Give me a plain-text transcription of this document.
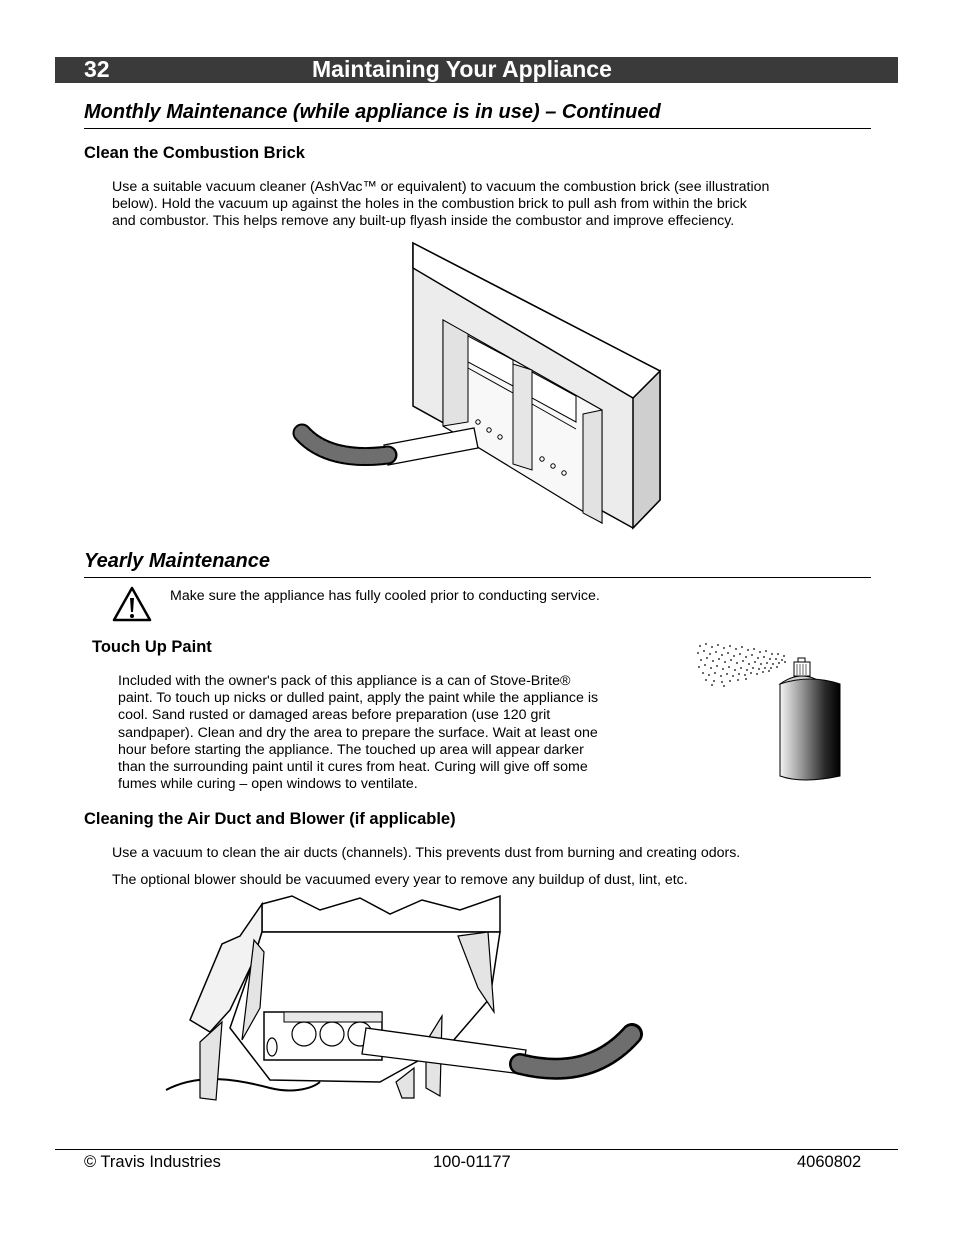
32	Maintaining Your Appliance
Monthly Maintenance (while appliance is in use) – Continued
Clean the Combustion Brick
Use a suitable vacuum cleaner (AshVac™ or equivalent) to vacuum the combustion brick (see illustration
below). Hold the vacuum up against the holes in the combustion brick to pull ash from within the brick
and combustor. This helps remove any built-up flyash inside the combustor and improve effeciency.
Yearly Maintenance
Make sure the appliance has fully cooled prior to conducting service.
Touch Up Paint
Included with the owner's pack of this appliance is a can of Stove-Brite®
paint. To touch up nicks or dulled paint, apply the paint while the appliance is
cool. Sand rusted or damaged areas before preparation (use 120 grit
sandpaper). Clean and dry the area to prepare the surface. Wait at least one
hour before starting the appliance. The touched up area will appear darker
than the surrounding paint until it cures from heat. Curing will give off some
fumes while curing – open windows to ventilate.
Cleaning the Air Duct and Blower (if applicable)
Use a vacuum to clean the air ducts (channels). This prevents dust from burning and creating odors.
The optional blower should be vacuumed every year to remove any buildup of dust, lint, etc.
© Travis Industries	100-01177	4060802
